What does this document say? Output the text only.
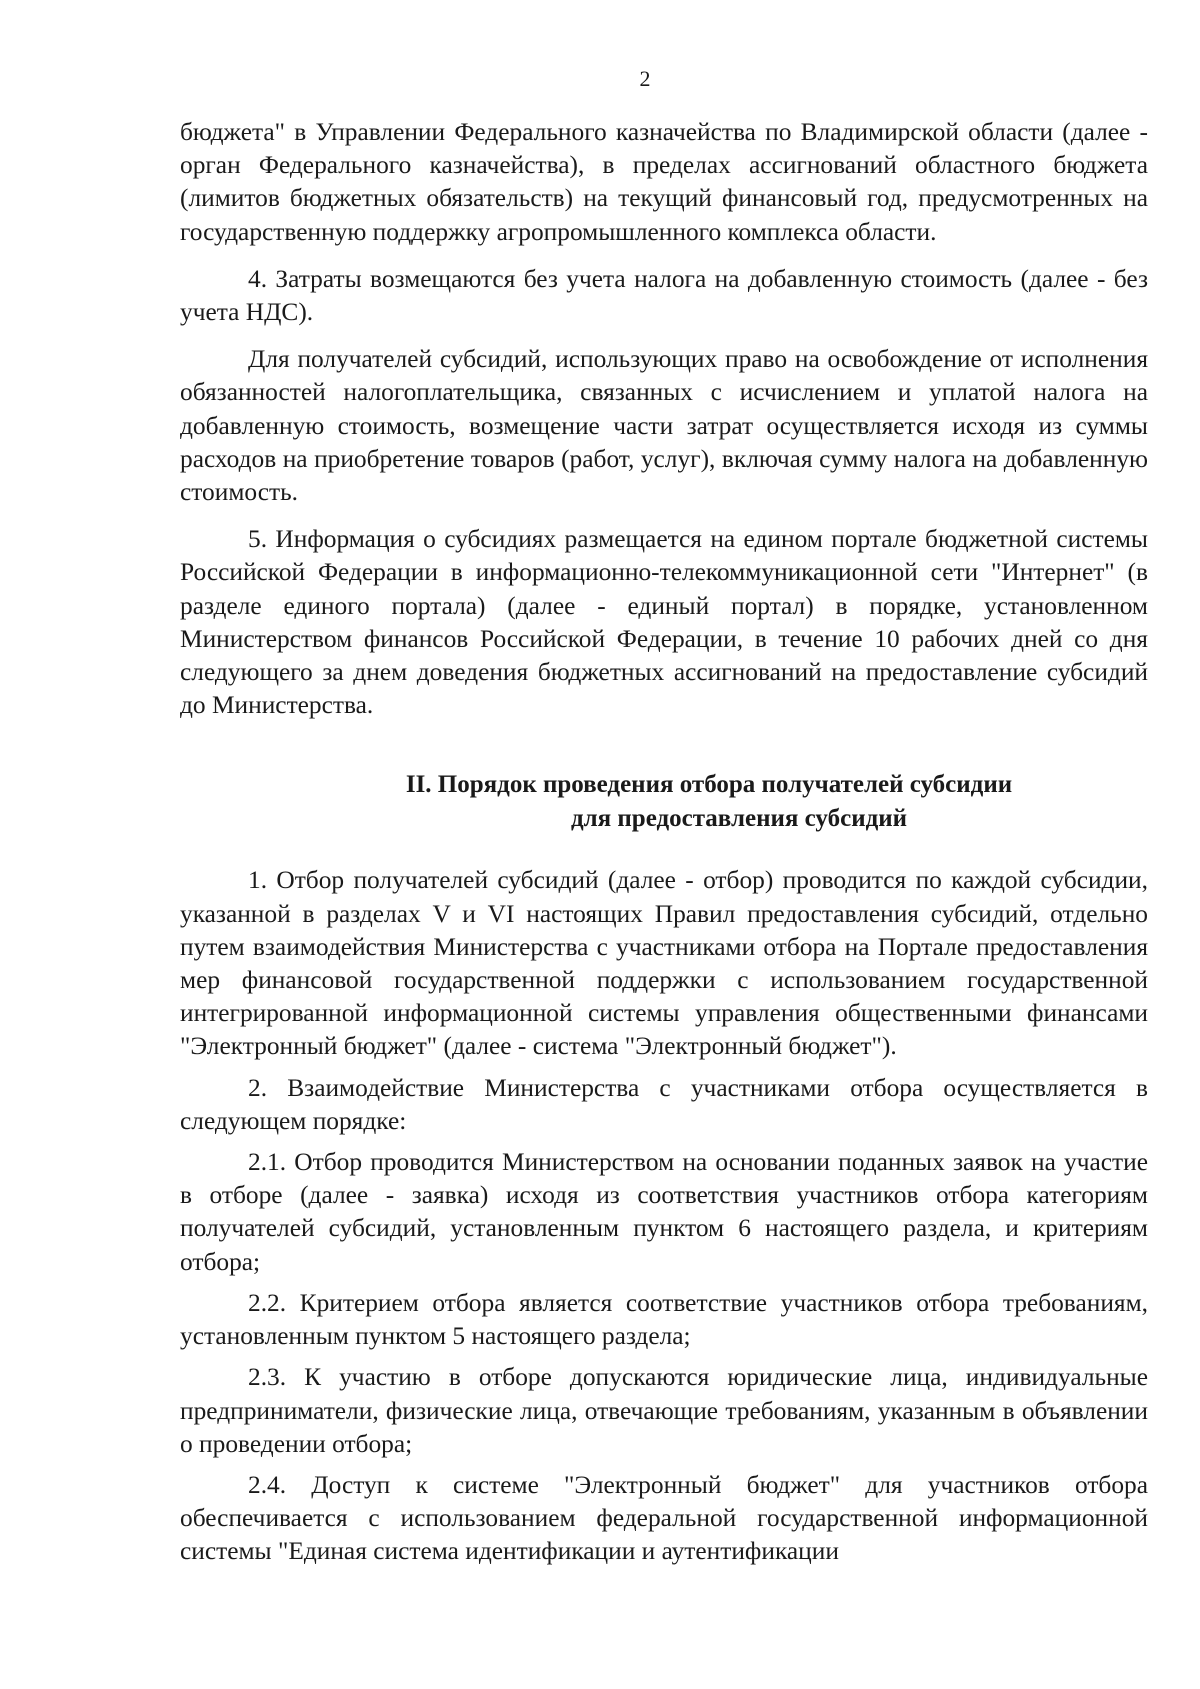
2

бюджета" в Управлении Федерального казначейства по Владимирской области (далее - орган Федерального казначейства), в пределах ассигнований областного бюджета (лимитов бюджетных обязательств) на текущий финансовый год, предусмотренных на государственную поддержку агропромышленного комплекса области.

4. Затраты возмещаются без учета налога на добавленную стоимость (далее - без учета НДС).

Для получателей субсидий, использующих право на освобождение от исполнения обязанностей налогоплательщика, связанных с исчислением и уплатой налога на добавленную стоимость, возмещение части затрат осуществляется исходя из суммы расходов на приобретение товаров (работ, услуг), включая сумму налога на добавленную стоимость.

5. Информация о субсидиях размещается на едином портале бюджетной системы Российской Федерации в информационно-телекоммуникационной сети "Интернет" (в разделе единого портала) (далее - единый портал) в порядке, установленном Министерством финансов Российской Федерации, в течение 10 рабочих дней со дня следующего за днем доведения бюджетных ассигнований на предоставление субсидий до Министерства.

II. Порядок проведения отбора получателей субсидии
для предоставления субсидий

1. Отбор получателей субсидий (далее - отбор) проводится по каждой субсидии, указанной в разделах V и VI настоящих Правил предоставления субсидий, отдельно путем взаимодействия Министерства с участниками отбора на Портале предоставления мер финансовой государственной поддержки с использованием государственной интегрированной информационной системы управления общественными финансами "Электронный бюджет" (далее - система "Электронный бюджет").

2. Взаимодействие Министерства с участниками отбора осуществляется в следующем порядке:

2.1. Отбор проводится Министерством на основании поданных заявок на участие в отборе (далее - заявка) исходя из соответствия участников отбора категориям получателей субсидий, установленным пунктом 6 настоящего раздела, и критериям отбора;

2.2. Критерием отбора является соответствие участников отбора требованиям, установленным пунктом 5 настоящего раздела;

2.3. К участию в отборе допускаются юридические лица, индивидуальные предприниматели, физические лица, отвечающие требованиям, указанным в объявлении о проведении отбора;

2.4. Доступ к системе "Электронный бюджет" для участников отбора обеспечивается с использованием федеральной государственной информационной системы "Единая система идентификации и аутентификации
